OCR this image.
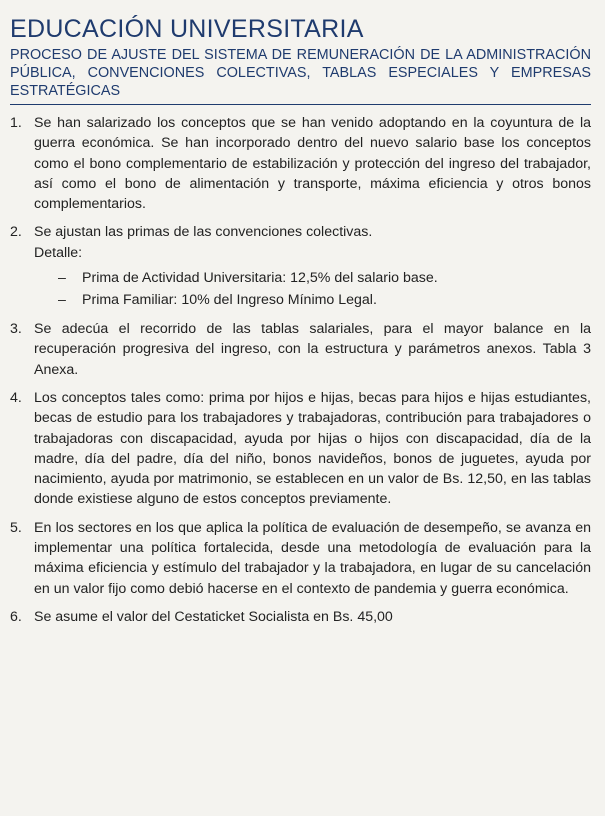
EDUCACIÓN UNIVERSITARIA
PROCESO DE AJUSTE DEL SISTEMA DE REMUNERACIÓN DE LA ADMINISTRACIÓN PÚBLICA, CONVENCIONES COLECTIVAS, TABLAS ESPECIALES Y EMPRESAS ESTRATÉGICAS
1. Se han salarizado los conceptos que se han venido adoptando en la coyuntura de la guerra económica. Se han incorporado dentro del nuevo salario base los conceptos como el bono complementario de estabilización y protección del ingreso del trabajador, así como el bono de alimentación y transporte, máxima eficiencia y otros bonos complementarios.
2. Se ajustan las primas de las convenciones colectivas.
Detalle:
–	Prima de Actividad Universitaria: 12,5% del salario base.
–	Prima Familiar: 10% del Ingreso Mínimo Legal.
3. Se adecúa el recorrido de las tablas salariales, para el mayor balance en la recuperación progresiva del ingreso, con la estructura y parámetros anexos. Tabla 3 Anexa.
4. Los conceptos tales como: prima por hijos e hijas, becas para hijos e hijas estudiantes, becas de estudio para los trabajadores y trabajadoras, contribución para trabajadores o trabajadoras con discapacidad, ayuda por hijas o hijos con discapacidad, día de la madre, día del padre, día del niño, bonos navideños, bonos de juguetes, ayuda por nacimiento, ayuda por matrimonio, se establecen en un valor de Bs. 12,50, en las tablas donde existiese alguno de estos conceptos previamente.
5. En los sectores en los que aplica la política de evaluación de desempeño, se avanza en implementar una política fortalecida, desde una metodología de evaluación para la máxima eficiencia y estímulo del trabajador y la trabajadora, en lugar de su cancelación en un valor fijo como debió hacerse en el contexto de pandemia y guerra económica.
6. Se asume el valor del Cestaticket Socialista en Bs. 45,00
